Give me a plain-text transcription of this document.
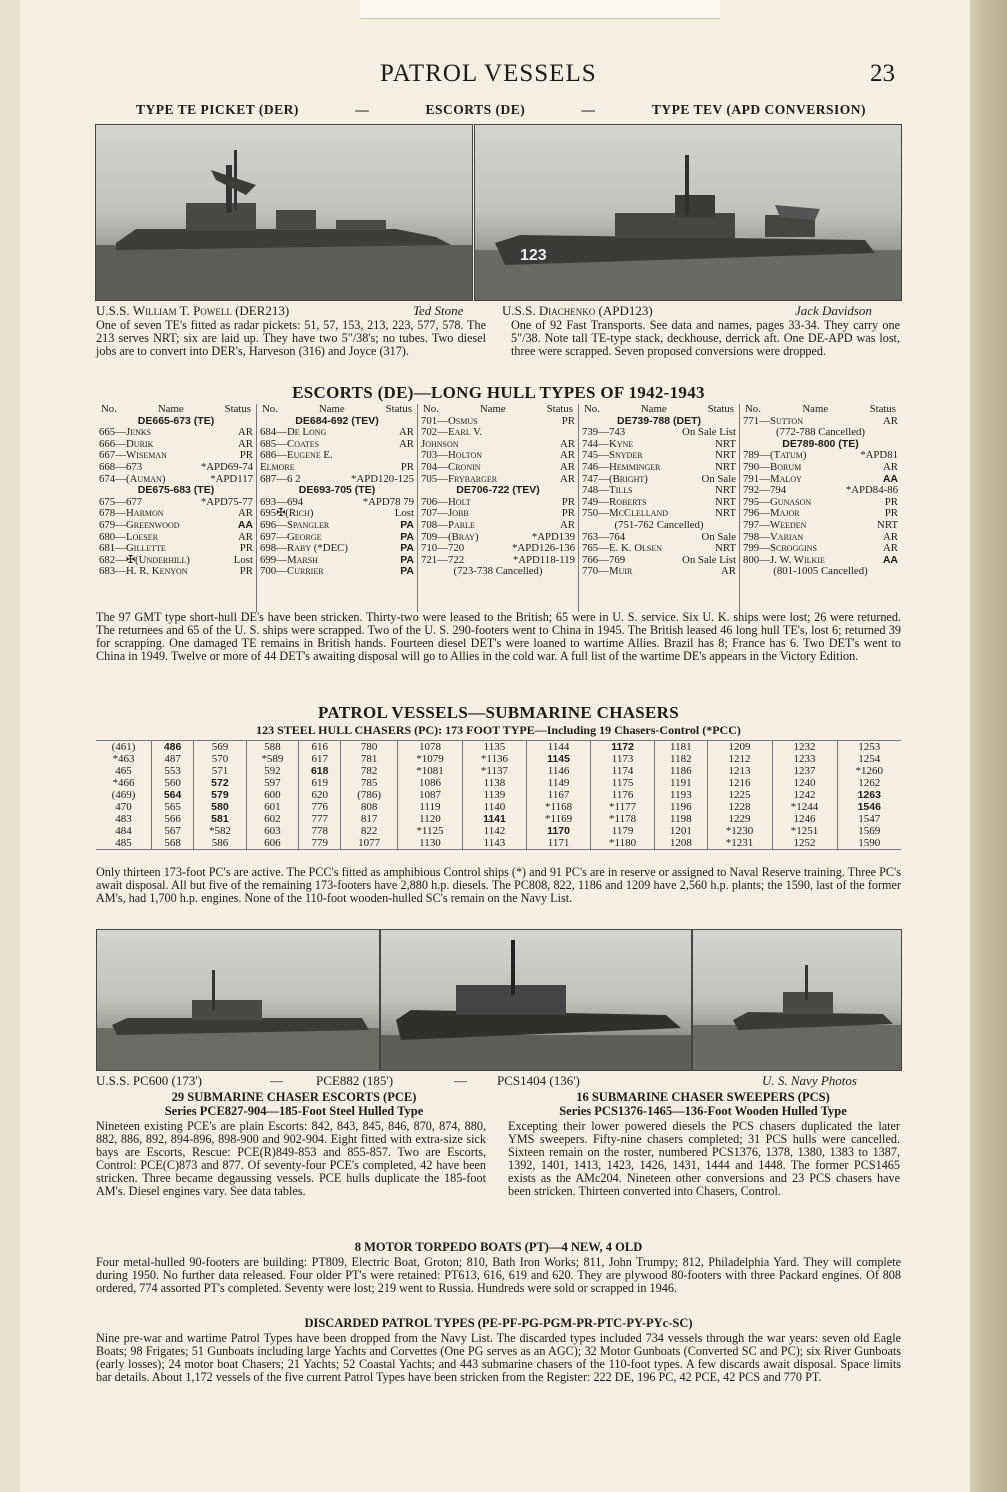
PATROL VESSELS	23
TYPE TE PICKET (DER)	—	ESCORTS (DE)	—	TYPE TEV (APD CONVERSION)
123
U.S.S. William T. Powell (DER213)	Ted Stone	U.S.S. Diachenko (APD123)	Jack Davidson
One of seven TE's fitted as radar pickets: 51, 57, 153, 213, 223, 577, 578. The 213 serves NRT; six are laid up. They have two 5"/38's; no tubes. Two diesel jobs are to convert into DER's, Harveson (316) and Joyce (317).
One of 92 Fast Transports. See data and names, pages 33-34. They carry one 5"/38. Note tall TE-type stack, deckhouse, derrick aft. One DE-APD was lost, three were scrapped. Seven proposed conversions were dropped.
ESCORTS (DE)—LONG HULL TYPES OF 1942-1943
No.	Name	Status
DE665-673 (TE)
665—Jenks	AR
666—Durik	AR
667—Wiseman	PR
668—673	*APD69-74
674—(Auman)	*APD117
DE675-683 (TE)
675—677	*APD75-77
678—Harmon	AR
679—Greenwood	AA
680—Loeser	AR
681—Gillette	PR
682—✠(Underhill)	Lost
683—H. R. Kenyon	PR
No.	Name	Status
DE684-692 (TEV)
684—De Long	AR
685—Coates	AR
686—Eugene E.
Elmore	PR
687—6 2	*APD120-125
DE693-705 (TE)
693—694	*APD78 79
695✠(Rich)	Lost
696—Spangler	PA
697—George	PA
698—Raby (*DEC)	PA
699—Marsh	PA
700—Currier	PA
No.	Name	Status
701—Osmus	PR
702—Earl V.
Johnson	AR
703—Holton	AR
704—Cronin	AR
705—Frybarger	AR
DE706-722 (TEV)
706—Holt	PR
707—Jobb	PR
708—Parle	AR
709—(Bray)	*APD139
710—720	*APD126-136
721—722	*APD118-119
(723-738 Cancelled)
No.	Name	Status
DE739-788 (DET)
739—743	On Sale List
744—Kyne	NRT
745—Snyder	NRT
746—Hemminger	NRT
747—(Bright)	On Sale
748—Tills	NRT
749—Roberts	NRT
750—McClelland	NRT
(751-762 Cancelled)
763—764	On Sale
765—E. K. Olsen	NRT
766—769	On Sale List
770—Muir	AR
No.	Name	Status
771—Sutton	AR
(772-788 Cancelled)
DE789-800 (TE)
789—(Tatum)	*APD81
790—Borum	AR
791—Maloy	AA
792—794	*APD84-86
795—Gunason	PR
796—Major	PR
797—Weeden	NRT
798—Varian	AR
799—Scroggins	AR
800—J. W. Wilkie	AA
(801-1005 Cancelled)
The 97 GMT type short-hull DE's have been stricken. Thirty-two were leased to the British; 65 were in U. S. service. Six U. K. ships were lost; 26 were returned. The returnees and 65 of the U. S. ships were scrapped. Two of the U. S. 290-footers went to China in 1945. The British leased 46 long hull TE's, lost 6; returned 39 for scrapping. One damaged TE remains in British hands. Fourteen diesel DET's were loaned to wartime Allies. Brazil has 8; France has 6. Two DET's went to China in 1949. Twelve or more of 44 DET's awaiting disposal will go to Allies in the cold war. A full list of the wartime DE's appears in the Victory Edition.
PATROL VESSELS—SUBMARINE CHASERS
123 STEEL HULL CHASERS (PC): 173 FOOT TYPE—Including 19 Chasers-Control (*PCC)
(461)	486	569	588	616	780	1078	1135	1144	1172	1181	1209	1232	1253
*463	487	570	*589	617	781	*1079	*1136	1145	1173	1182	1212	1233	1254
465	553	571	592	618	782	*1081	*1137	1146	1174	1186	1213	1237	*1260
*466	560	572	597	619	785	1086	1138	1149	1175	1191	1216	1240	1262
(469)	564	579	600	620	(786)	1087	1139	1167	1176	1193	1225	1242	1263
470	565	580	601	776	808	1119	1140	*1168	*1177	1196	1228	*1244	1546
483	566	581	602	777	817	1120	1141	*1169	*1178	1198	1229	1246	1547
484	567	*582	603	778	822	*1125	1142	1170	1179	1201	*1230	*1251	1569
485	568	586	606	779	1077	1130	1143	1171	*1180	1208	*1231	1252	1590
Only thirteen 173-foot PC's are active. The PCC's fitted as amphibious Control ships (*) and 91 PC's are in reserve or assigned to Naval Reserve training. Three PC's await disposal. All but five of the remaining 173-footers have 2,880 h.p. diesels. The PC808, 822, 1186 and 1209 have 2,560 h.p. plants; the 1590, last of the former AM's, had 1,700 h.p. engines. None of the 110-foot wooden-hulled SC's remain on the Navy List.
U.S.S. PC600 (173')	—	PCE882 (185')	— PCS1404 (136')	U. S. Navy Photos
29 SUBMARINE CHASER ESCORTS (PCE)
Series PCE827-904—185-Foot Steel Hulled Type
Nineteen existing PCE's are plain Escorts: 842, 843, 845, 846, 870, 874, 880, 882, 886, 892, 894-896, 898-900 and 902-904. Eight fitted with extra-size sick bays are Escorts, Rescue: PCE(R)849-853 and 855-857. Two are Escorts, Control: PCE(C)873 and 877. Of seventy-four PCE's completed, 42 have been stricken. Three became degaussing vessels. PCE hulls duplicate the 185-foot AM's. Diesel engines vary. See data tables.
16 SUBMARINE CHASER SWEEPERS (PCS)
Series PCS1376-1465—136-Foot Wooden Hulled Type
Excepting their lower powered diesels the PCS chasers duplicated the later YMS sweepers. Fifty-nine chasers completed; 31 PCS hulls were cancelled. Sixteen remain on the roster, numbered PCS1376, 1378, 1380, 1383 to 1387, 1392, 1401, 1413, 1423, 1426, 1431, 1444 and 1448. The former PCS1465 exists as the AMc204. Nineteen other conversions and 23 PCS chasers have been stricken. Thirteen converted into Chasers, Control.
8 MOTOR TORPEDO BOATS (PT)—4 NEW, 4 OLD
Four metal-hulled 90-footers are building: PT809, Electric Boat, Groton; 810, Bath Iron Works; 811, John Trumpy; 812, Philadelphia Yard. They will complete during 1950. No further data released. Four older PT's were retained: PT613, 616, 619 and 620. They are plywood 80-footers with three Packard engines. Of 808 ordered, 774 assorted PT's completed. Seventy were lost; 219 went to Russia. Hundreds were sold or scrapped in 1946.
DISCARDED PATROL TYPES (PE-PF-PG-PGM-PR-PTC-PY-PYc-SC)
Nine pre-war and wartime Patrol Types have been dropped from the Navy List. The discarded types included 734 vessels through the war years: seven old Eagle Boats; 98 Frigates; 51 Gunboats including large Yachts and Corvettes (One PG serves as an AGC); 32 Motor Gunboats (Converted SC and PC); six River Gunboats (early losses); 24 motor boat Chasers; 21 Yachts; 52 Coastal Yachts; and 443 submarine chasers of the 110-foot types. A few discards await disposal. Space limits bar details. About 1,172 vessels of the five current Patrol Types have been stricken from the Register: 222 DE, 196 PC, 42 PCE, 42 PCS and 770 PT.
